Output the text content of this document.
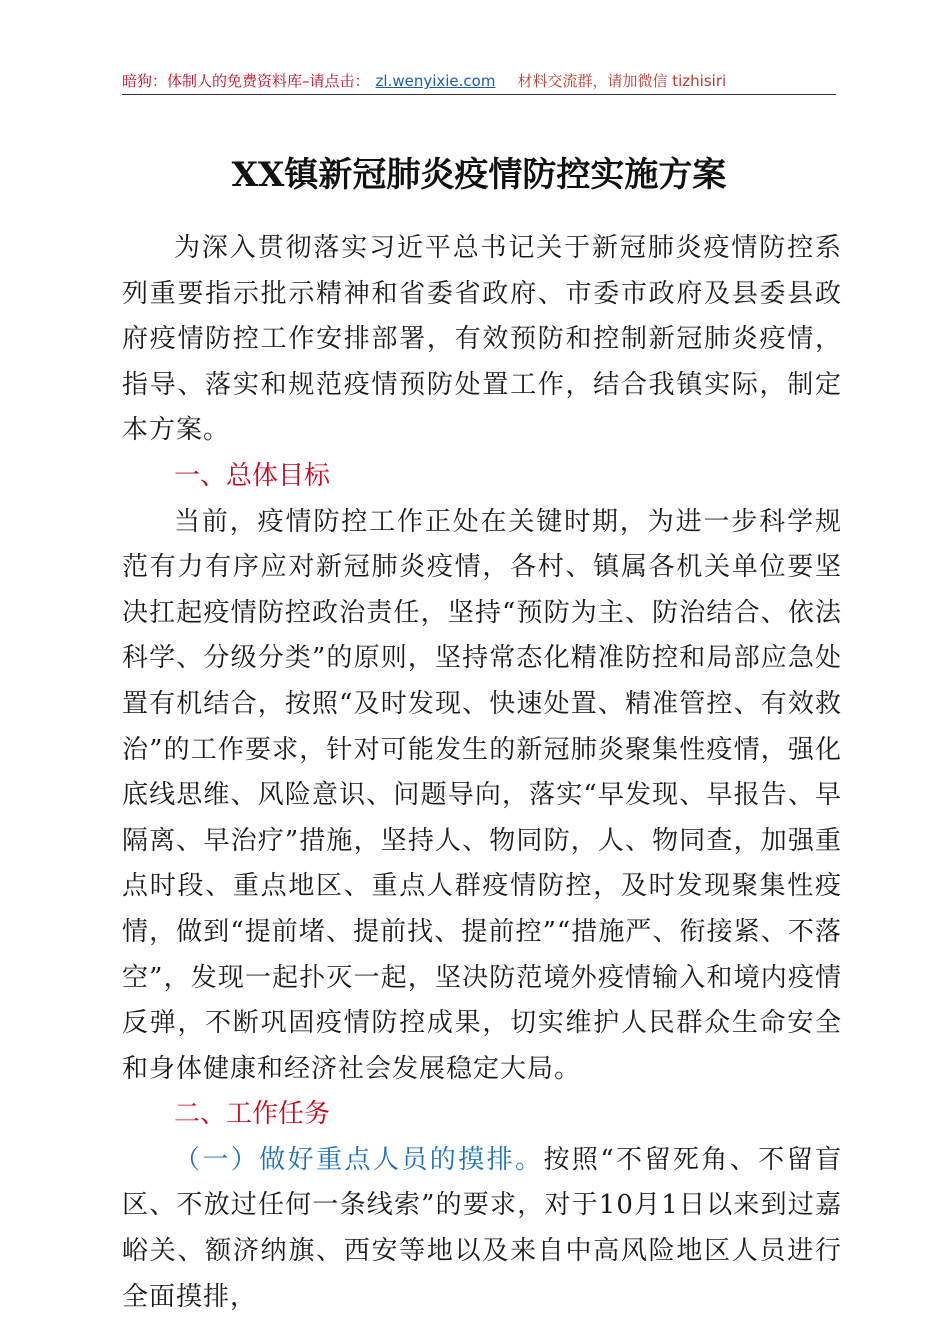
暗狗：体制人的免费资料库–请点击： zl.wenyixie.com 材料交流群，请加微信 tizhisiri
XX镇新冠肺炎疫情防控实施方案

为深入贯彻落实习近平总书记关于新冠肺炎疫情防控系列重要指示批示精神和省委省政府、市委市政府及县委县政府疫情防控工作安排部署，有效预防和控制新冠肺炎疫情，指导、落实和规范疫情预防处置工作，结合我镇实际，制定本方案。

一、总体目标

当前，疫情防控工作正处在关键时期，为进一步科学规范有力有序应对新冠肺炎疫情，各村、镇属各机关单位要坚决扛起疫情防控政治责任，坚持“预防为主、防治结合、依法科学、分级分类”的原则，坚持常态化精准防控和局部应急处置有机结合，按照“及时发现、快速处置、精准管控、有效救治”的工作要求，针对可能发生的新冠肺炎聚集性疫情，强化底线思维、风险意识、问题导向，落实“早发现、早报告、早隔离、早治疗”措施，坚持人、物同防，人、物同查，加强重点时段、重点地区、重点人群疫情防控，及时发现聚集性疫情，做到“提前堵、提前找、提前控”“措施严、衔接紧、不落空”，发现一起扑灭一起，坚决防范境外疫情输入和境内疫情反弹，不断巩固疫情防控成果，切实维护人民群众生命安全和身体健康和经济社会发展稳定大局。

二、工作任务

（一）做好重点人员的摸排。按照“不留死角、不留盲区、不放过任何一条线索”的要求，对于10月1日以来到过嘉峪关、额济纳旗、西安等地以及来自中高风险地区人员进行全面摸排，
